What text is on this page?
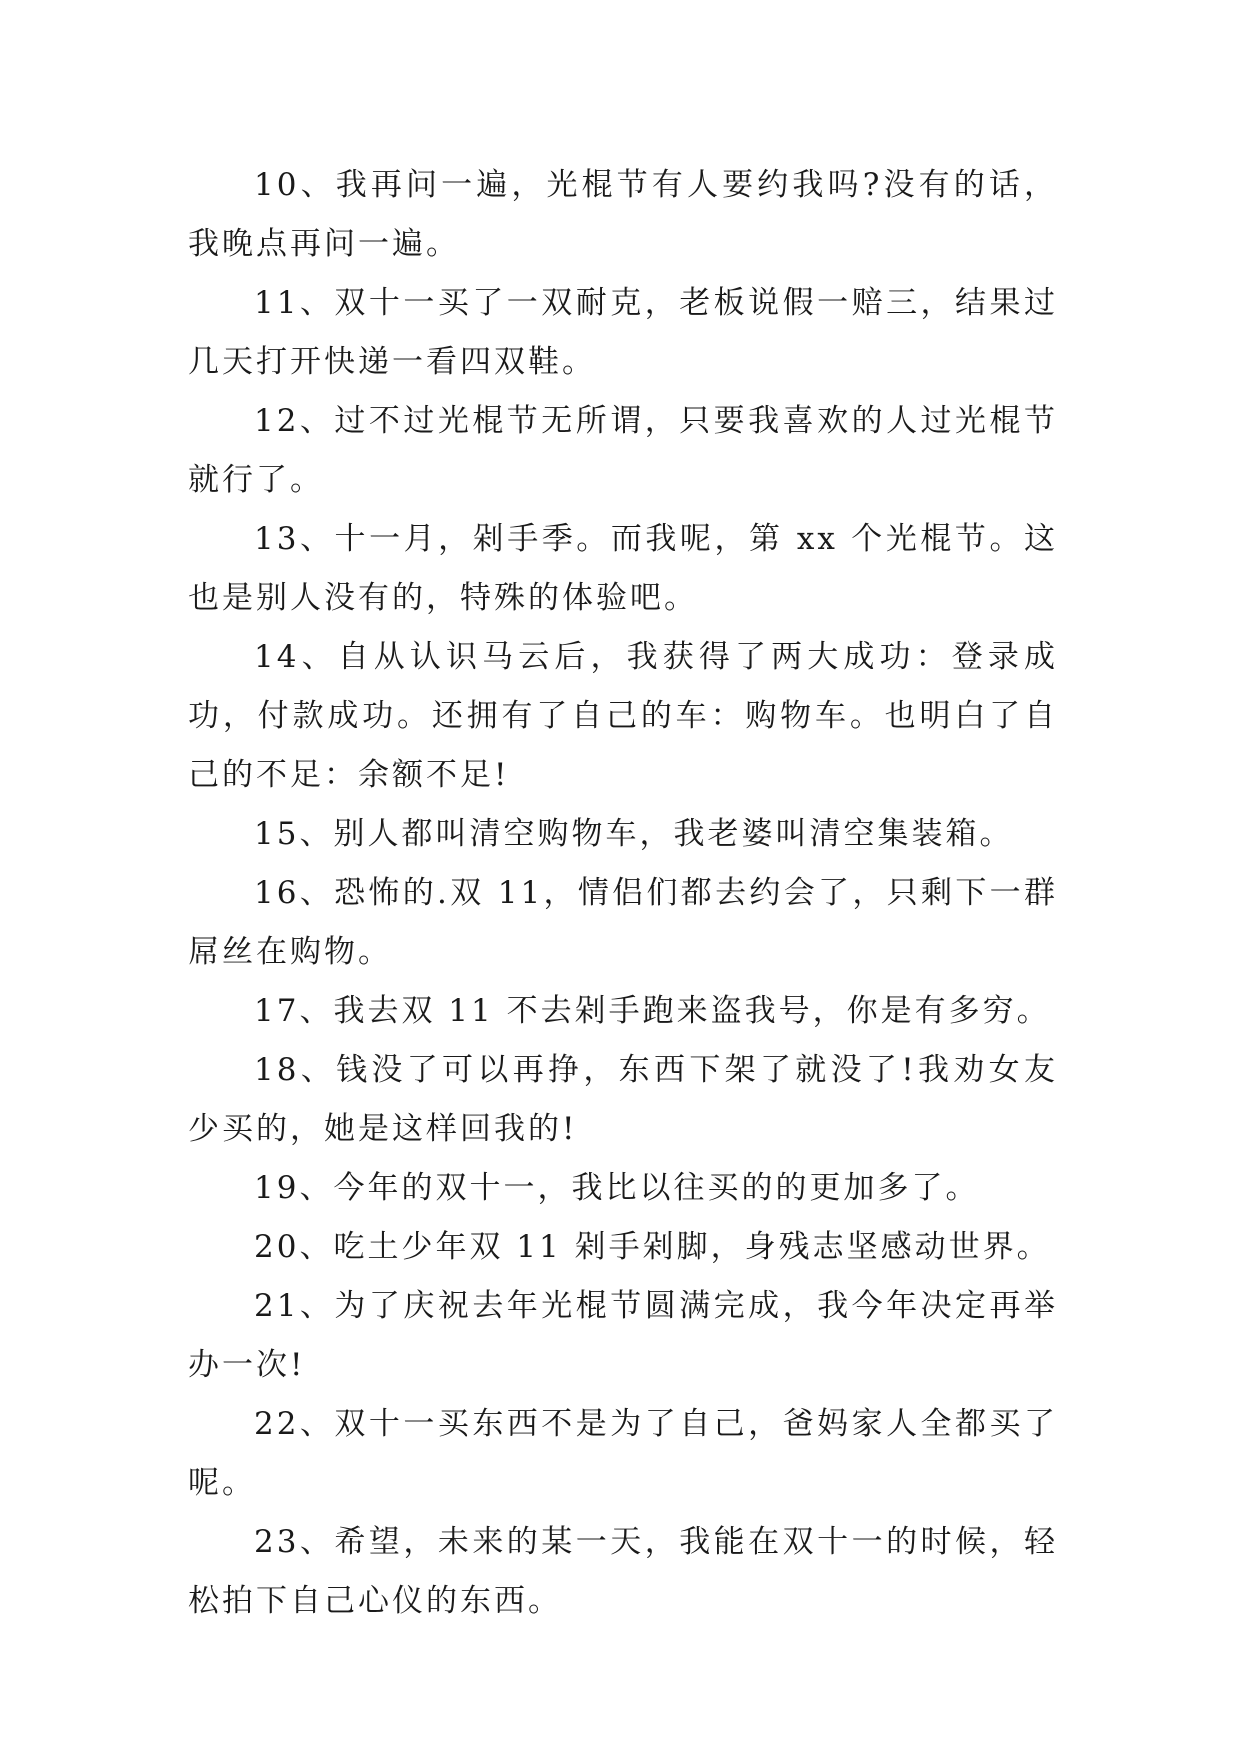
10、我再问一遍，光棍节有人要约我吗?没有的话，我晚点再问一遍。

11、双十一买了一双耐克，老板说假一赔三，结果过几天打开快递一看四双鞋。

12、过不过光棍节无所谓，只要我喜欢的人过光棍节就行了。

13、十一月，剁手季。而我呢，第 xx 个光棍节。这也是别人没有的，特殊的体验吧。

14、自从认识马云后，我获得了两大成功：登录成功，付款成功。还拥有了自己的车：购物车。也明白了自己的不足：余额不足!

15、别人都叫清空购物车，我老婆叫清空集装箱。

16、恐怖的.双 11，情侣们都去约会了，只剩下一群屌丝在购物。

17、我去双 11 不去剁手跑来盗我号，你是有多穷。

18、钱没了可以再挣，东西下架了就没了!我劝女友少买的，她是这样回我的!

19、今年的双十一，我比以往买的的更加多了。

20、吃土少年双 11 剁手剁脚，身残志坚感动世界。

21、为了庆祝去年光棍节圆满完成，我今年决定再举办一次!

22、双十一买东西不是为了自己，爸妈家人全都买了呢。

23、希望，未来的某一天，我能在双十一的时候，轻松拍下自己心仪的东西。
